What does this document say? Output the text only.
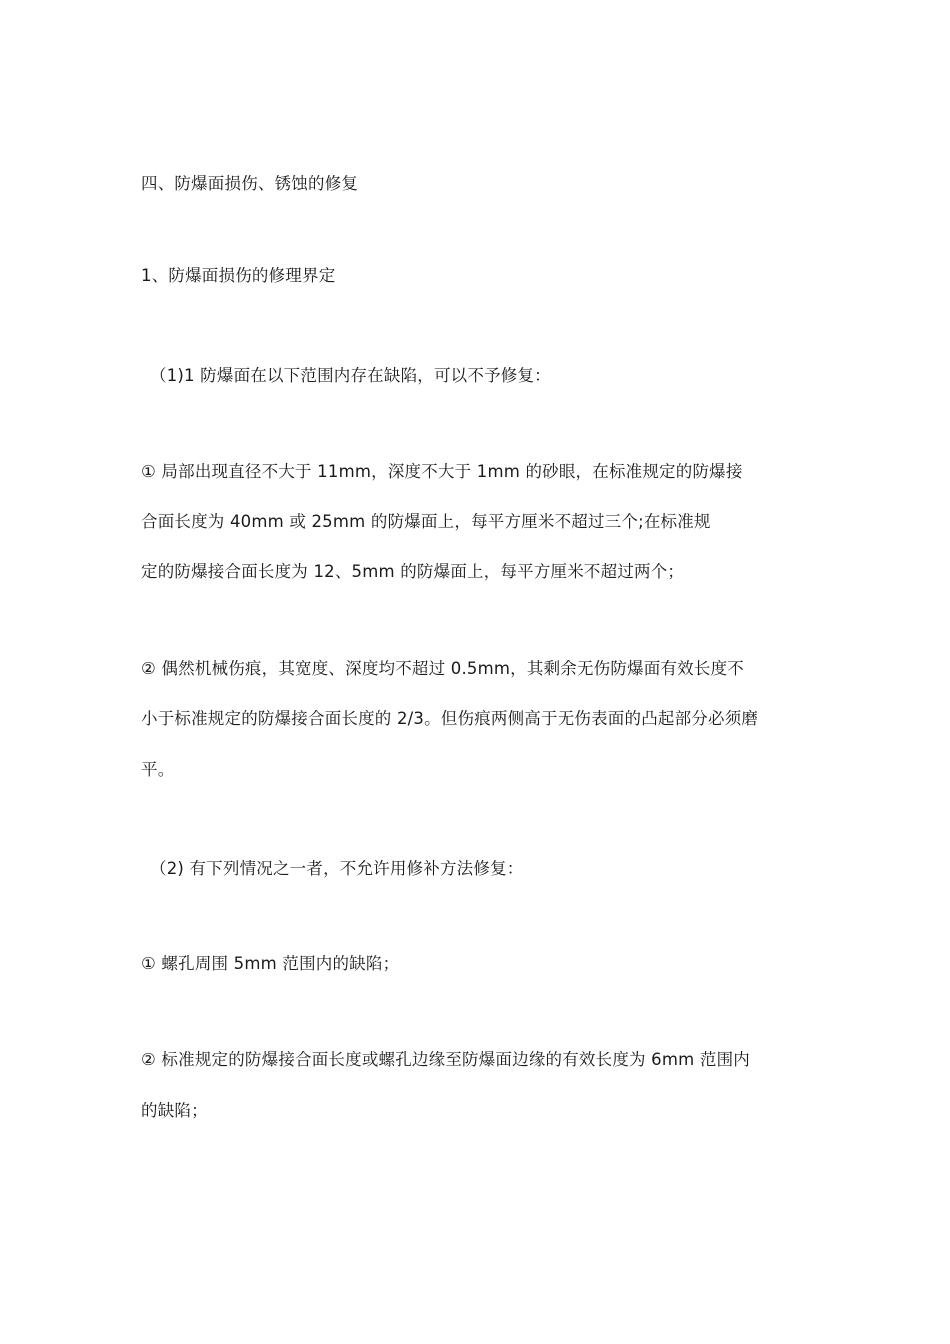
四、防爆面损伤、锈蚀的修复
1、防爆面损伤的修理界定
（1)1 防爆面在以下范围内存在缺陷，可以不予修复：
① 局部出现直径不大于 11mm，深度不大于 1mm 的砂眼，在标准规定的防爆接
合面长度为 40mm 或 25mm 的防爆面上，每平方厘米不超过三个;在标准规
定的防爆接合面长度为 12、5mm 的防爆面上，每平方厘米不超过两个；
② 偶然机械伤痕，其宽度、深度均不超过 0.5mm，其剩余无伤防爆面有效长度不
小于标准规定的防爆接合面长度的 2/3。但伤痕两侧高于无伤表面的凸起部分必须磨
平。
（2) 有下列情况之一者，不允许用修补方法修复：
① 螺孔周围 5mm 范围内的缺陷；
② 标准规定的防爆接合面长度或螺孔边缘至防爆面边缘的有效长度为 6mm 范围内
的缺陷；
